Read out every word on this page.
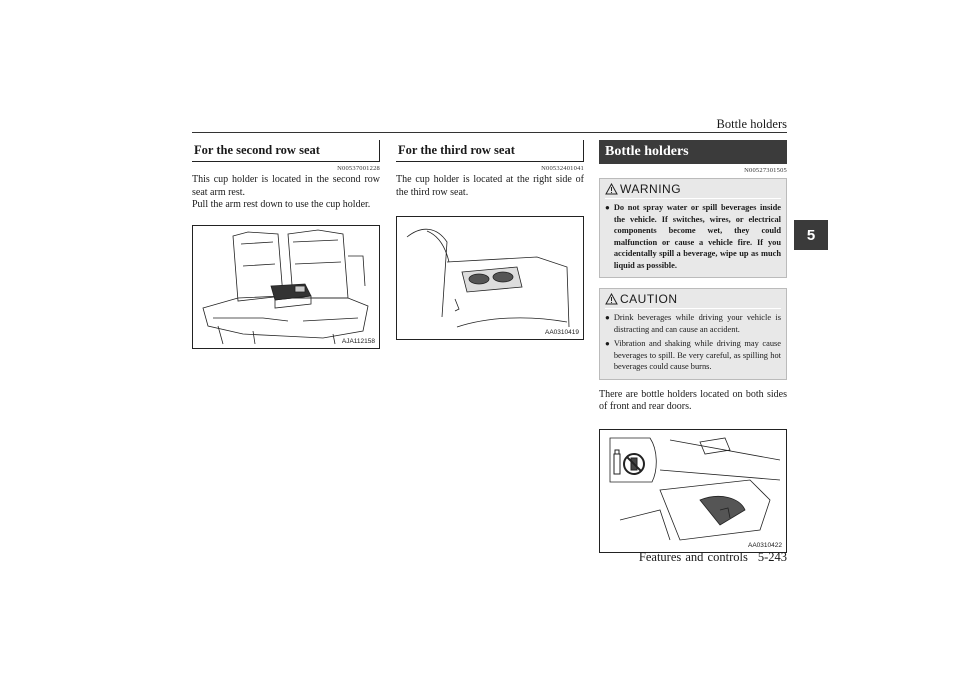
Bottle holders
5
For the second row seat
N00537001228

This cup holder is located in the second row seat arm rest.

Pull the arm rest down to use the cup holder.

AJA112158
For the third row seat
N00532401041

The cup holder is located at the right side of the third row seat.

AA0310419
Bottle holders
N00527301505
WARNING
● Do not spray water or spill beverages inside the vehicle. If switches, wires, or electrical components become wet, they could malfunction or cause a vehicle fire. If you accidentally spill a beverage, wipe up as much liquid as possible.
CAUTION
● Drink beverages while driving your vehicle is distracting and can cause an accident.
● Vibration and shaking while driving may cause beverages to spill. Be very careful, as spilling hot beverages could cause burns.

There are bottle holders located on both sides of front and rear doors.

AA0310422
Features and controls 5-243
